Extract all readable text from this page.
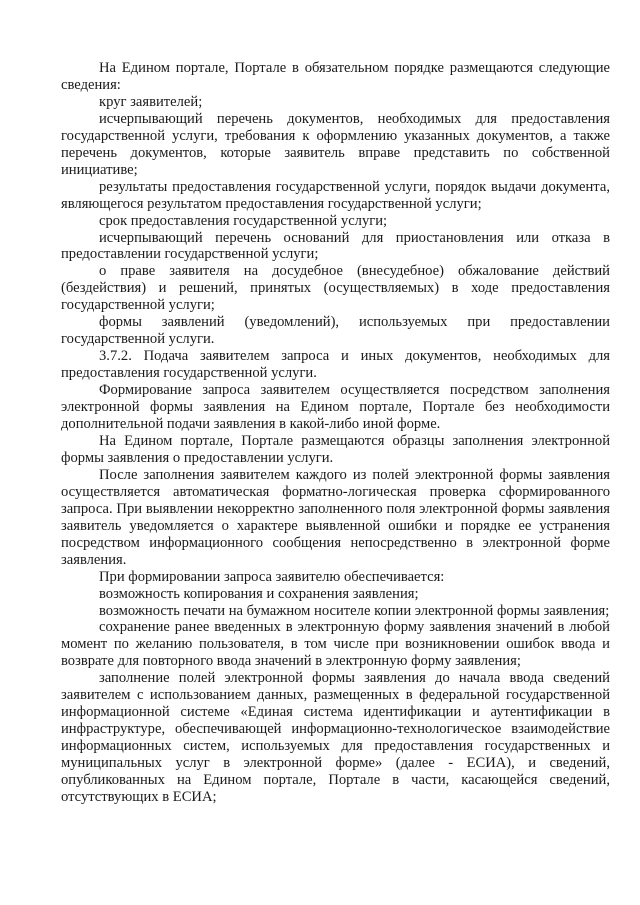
На Едином портале, Портале в обязательном порядке размещаются следующие сведения:

круг заявителей;

исчерпывающий перечень документов, необходимых для предоставления государственной услуги, требования к оформлению указанных документов, а также перечень документов, которые заявитель вправе представить по собственной инициативе;

результаты предоставления государственной услуги, порядок выдачи документа, являющегося результатом предоставления государственной услуги;

срок предоставления государственной услуги;

исчерпывающий перечень оснований для приостановления или отказа в предоставлении государственной услуги;

о праве заявителя на досудебное (внесудебное) обжалование действий (бездействия) и решений, принятых (осуществляемых) в ходе предоставления государственной услуги;

формы заявлений (уведомлений), используемых при предоставлении государственной услуги.

3.7.2. Подача заявителем запроса и иных документов, необходимых для предоставления государственной услуги.

Формирование запроса заявителем осуществляется посредством заполнения электронной формы заявления на Едином портале, Портале без необходимости дополнительной подачи заявления в какой-либо иной форме.

На Едином портале, Портале размещаются образцы заполнения электронной формы заявления о предоставлении услуги.

После заполнения заявителем каждого из полей электронной формы заявления осуществляется автоматическая форматно-логическая проверка сформированного запроса. При выявлении некорректно заполненного поля электронной формы заявления заявитель уведомляется о характере выявленной ошибки и порядке ее устранения посредством информационного сообщения непосредственно в электронной форме заявления.

При формировании запроса заявителю обеспечивается:

возможность копирования и сохранения заявления;

возможность печати на бумажном носителе копии электронной формы заявления;

сохранение ранее введенных в электронную форму заявления значений в любой момент по желанию пользователя, в том числе при возникновении ошибок ввода и возврате для повторного ввода значений в электронную форму заявления;

заполнение полей электронной формы заявления до начала ввода сведений заявителем с использованием данных, размещенных в федеральной государственной информационной системе «Единая система идентификации и аутентификации в инфраструктуре, обеспечивающей информационно-технологическое взаимодействие информационных систем, используемых для предоставления государственных и муниципальных услуг в электронной форме» (далее - ЕСИА), и сведений, опубликованных на Едином портале, Портале в части, касающейся сведений, отсутствующих в ЕСИА;
